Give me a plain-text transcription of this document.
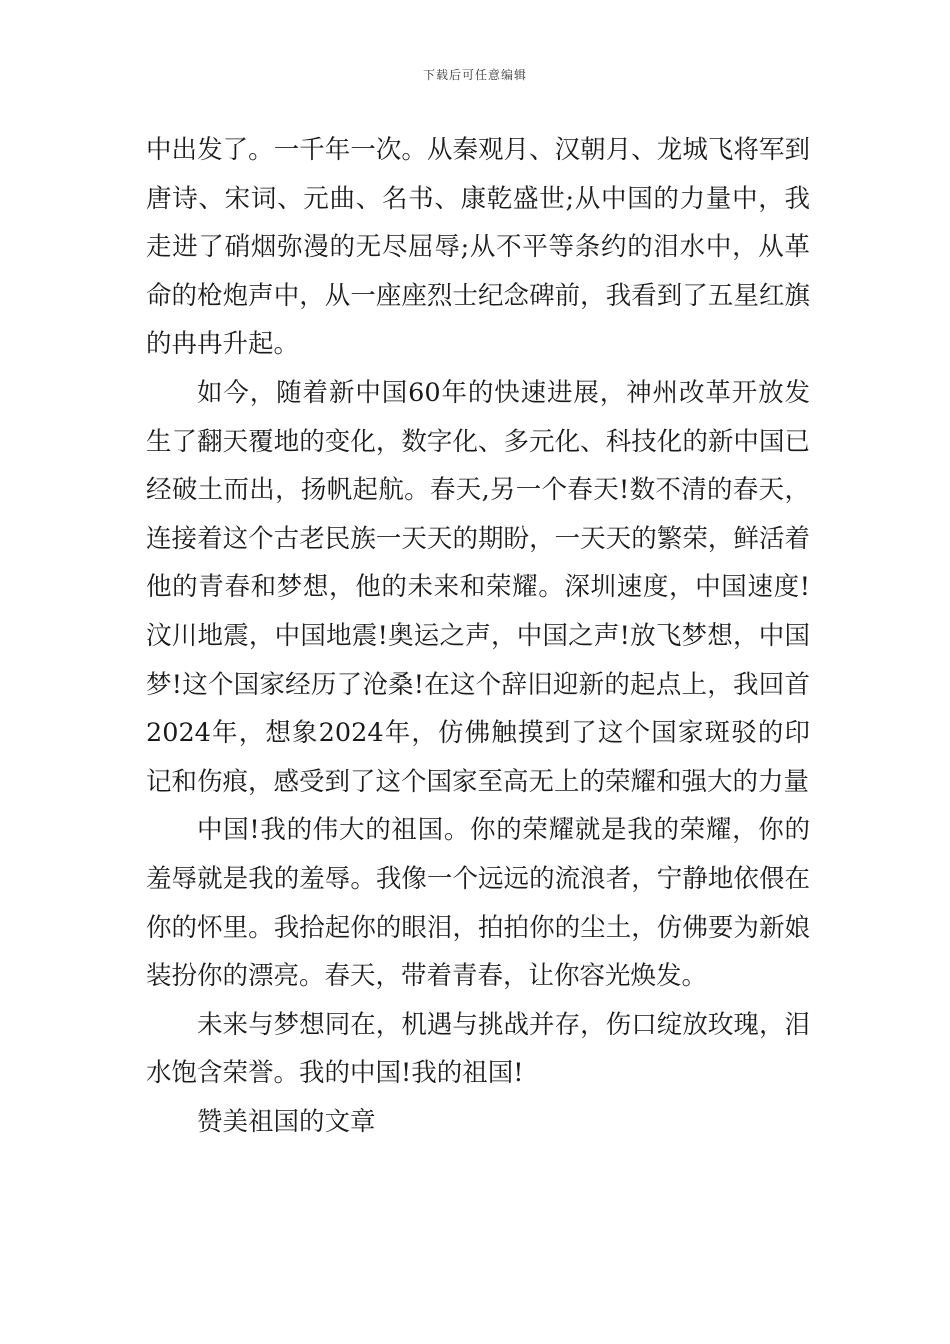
下载后可任意编辑

中出发了。一千年一次。从秦观月、汉朝月、龙城飞将军到唐诗、宋词、元曲、名书、康乾盛世;从中国的力量中，我走进了硝烟弥漫的无尽屈辱;从不平等条约的泪水中，从革命的枪炮声中，从一座座烈士纪念碑前，我看到了五星红旗的冉冉升起。

如今，随着新中国60年的快速进展，神州改革开放发生了翻天覆地的变化，数字化、多元化、科技化的新中国已经破土而出，扬帆起航。春天,另一个春天!数不清的春天，连接着这个古老民族一天天的期盼，一天天的繁荣，鲜活着他的青春和梦想，他的未来和荣耀。深圳速度，中国速度!汶川地震，中国地震!奥运之声，中国之声!放飞梦想，中国梦!这个国家经历了沧桑!在这个辞旧迎新的起点上，我回首2024年，想象2024年，仿佛触摸到了这个国家斑驳的印记和伤痕，感受到了这个国家至高无上的荣耀和强大的力量

中国!我的伟大的祖国。你的荣耀就是我的荣耀，你的羞辱就是我的羞辱。我像一个远远的流浪者，宁静地依偎在你的怀里。我拾起你的眼泪，拍拍你的尘土，仿佛要为新娘装扮你的漂亮。春天，带着青春，让你容光焕发。

未来与梦想同在，机遇与挑战并存，伤口绽放玫瑰，泪水饱含荣誉。我的中国!我的祖国!

赞美祖国的文章
